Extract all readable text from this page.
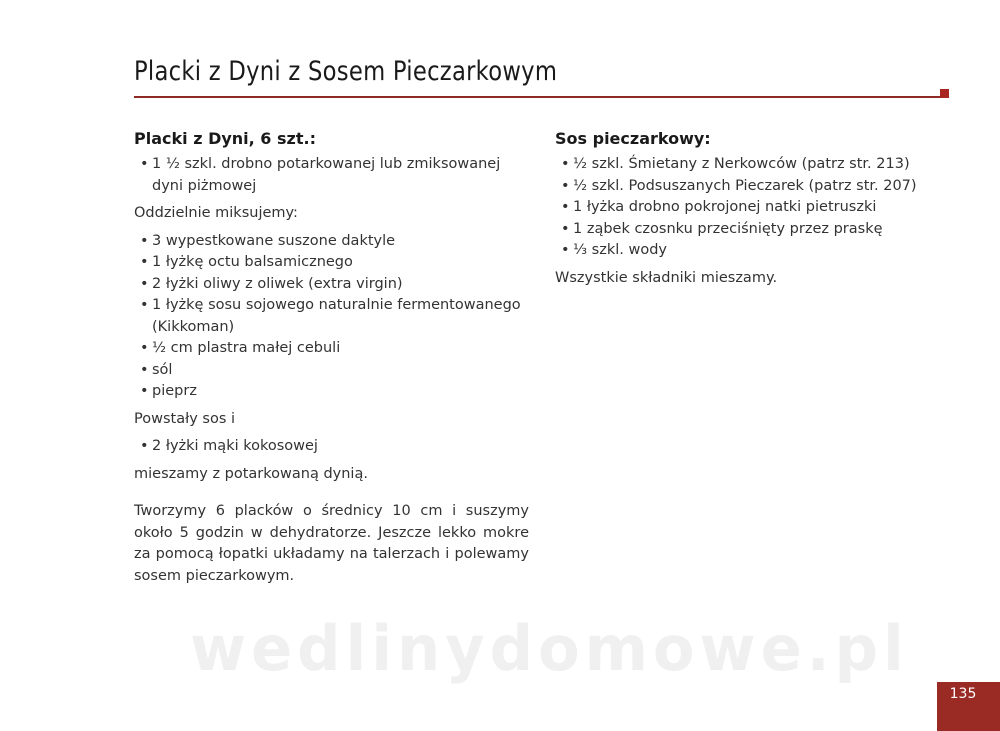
Placki z Dyni z Sosem Pieczarkowym
Placki z Dyni, 6 szt.:
• 1 ½ szkl. drobno potarkowanej lub zmiksowanej dyni piżmowej

Oddzielnie miksujemy:

• 3 wypestkowane suszone daktyle
• 1 łyżkę octu balsamicznego
• 2 łyżki oliwy z oliwek (extra virgin)
• 1 łyżkę sosu sojowego naturalnie fermentowanego (Kikkoman)
• ½ cm plastra małej cebuli
• sól
• pieprz

Powstały sos i

• 2 łyżki mąki kokosowej

mieszamy z potarkowaną dynią.

Tworzymy 6 placków o średnicy 10 cm i suszymy około 5 godzin w dehydratorze. Jeszcze lekko mokre za pomocą łopatki układamy na talerzach i polewamy sosem pieczarkowym.

Sos pieczarkowy:
• ½ szkl. Śmietany z Nerkowców (patrz str. 213)
• ½ szkl. Podsuszanych Pieczarek (patrz str. 207)
• 1 łyżka drobno pokrojonej natki pietruszki
• 1 ząbek czosnku przeciśnięty przez praskę
• ⅓ szkl. wody

Wszystkie składniki mieszamy.

wedlinydomowe.pl
135
